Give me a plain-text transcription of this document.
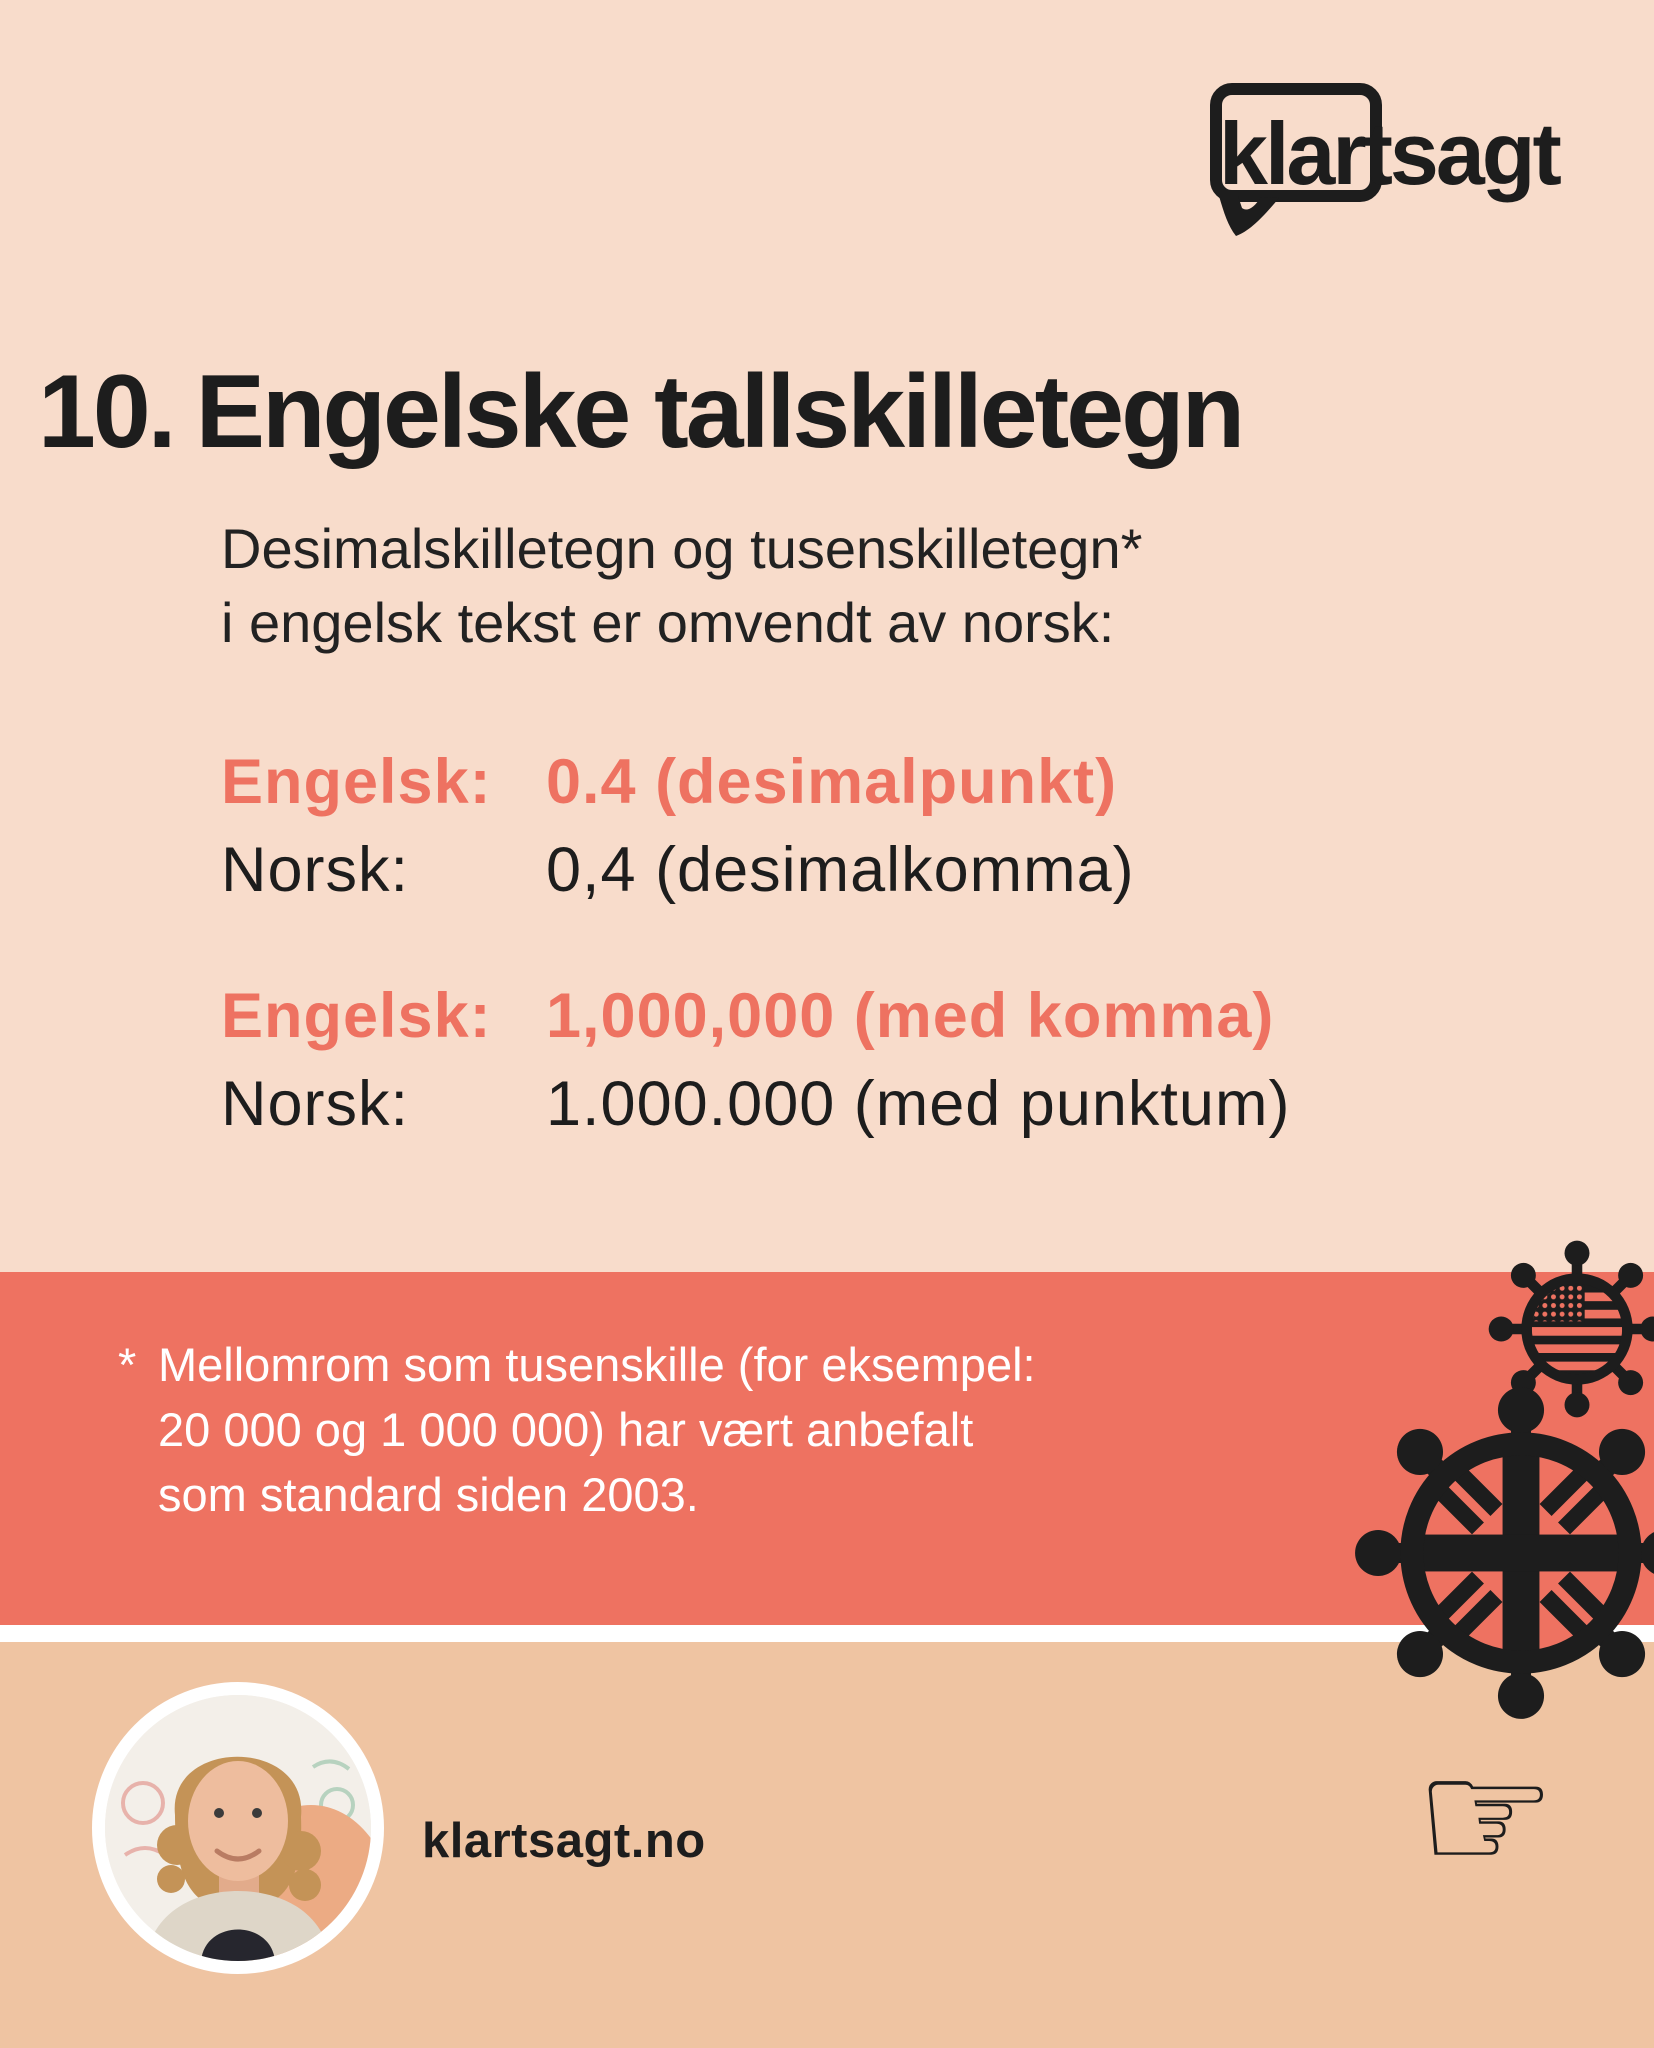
klart sagt
10. Engelske tallskilletegn
Desimalskilletegn og tusenskilletegn*
i engelsk tekst er omvendt av norsk:
Engelsk: 0.4 (desimalpunkt)
Norsk:	0,4 (desimalkomma)
Engelsk: 1,000,000 (med komma)
Norsk:	1.000.000 (med punktum)
* Mellomrom som tusenskille (for eksempel:
20 000 og 1 000 000) har vært anbefalt
som standard siden 2003.
klartsagt.no	☞
